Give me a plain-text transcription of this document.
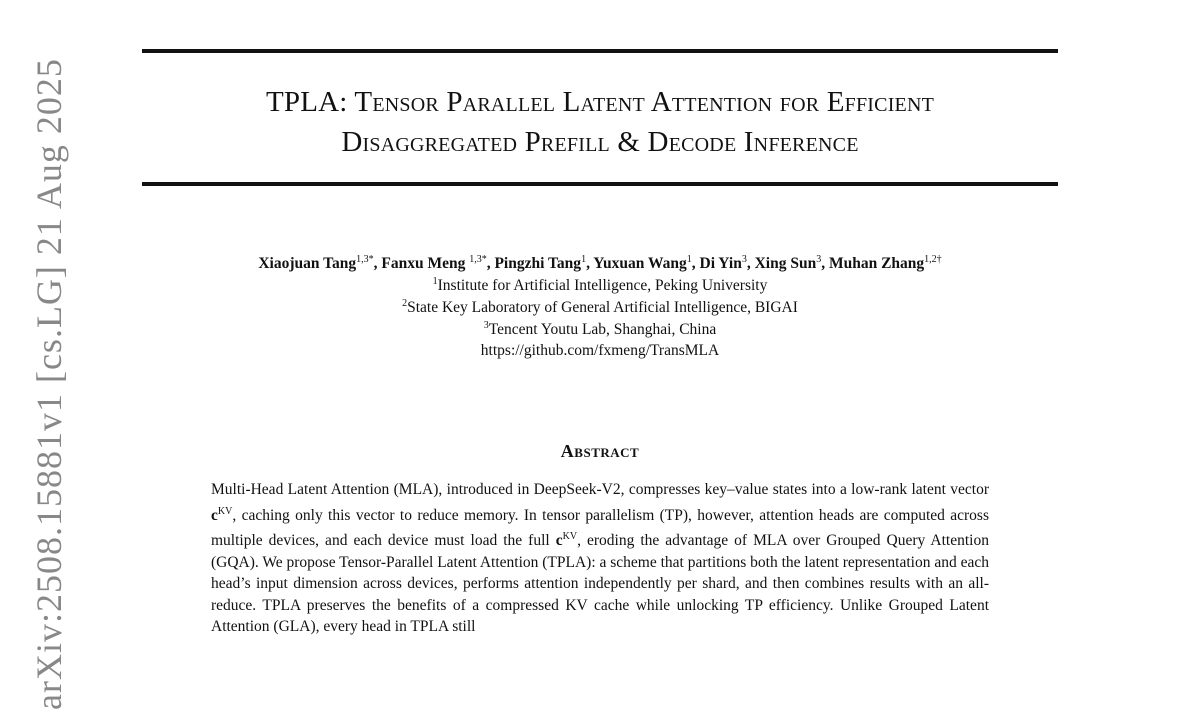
TPLA: Tensor Parallel Latent Attention for Efficient
Disaggregated Prefill & Decode Inference
Xiaojuan Tang$^{1,3*}$, Fanxu Meng $^{1,3*}$, Pingzhi Tang$^1$, Yuxuan Wang$^1$, Di Yin$^3$, Xing Sun$^3$, Muhan Zhang$^{1,2\dagger}$
$^1$Institute for Artificial Intelligence, Peking University
$^2$State Key Laboratory of General Artificial Intelligence, BIGAI
$^3$Tencent Youtu Lab, Shanghai, China
https://github.com/fxmeng/TransMLA
Abstract
Multi-Head Latent Attention (MLA), introduced in DeepSeek-V2, compresses key–value states into a low-rank latent vector $c^{KV}$, caching only this vector to reduce memory. In tensor parallelism (TP), however, attention heads are computed across multiple devices, and each device must load the full $c^{KV}$, eroding the advantage of MLA over Grouped Query Attention (GQA). We propose Tensor-Parallel Latent Attention (TPLA): a scheme that partitions both the latent representation and each head’s input dimension across devices, performs attention independently per shard, and then combines results with an all-reduce. TPLA preserves the benefits of a compressed KV cache while unlocking TP efficiency. Unlike Grouped Latent Attention (GLA), every head in TPLA still
arXiv:2508.15881v1 [cs.LG] 21 Aug 2025
